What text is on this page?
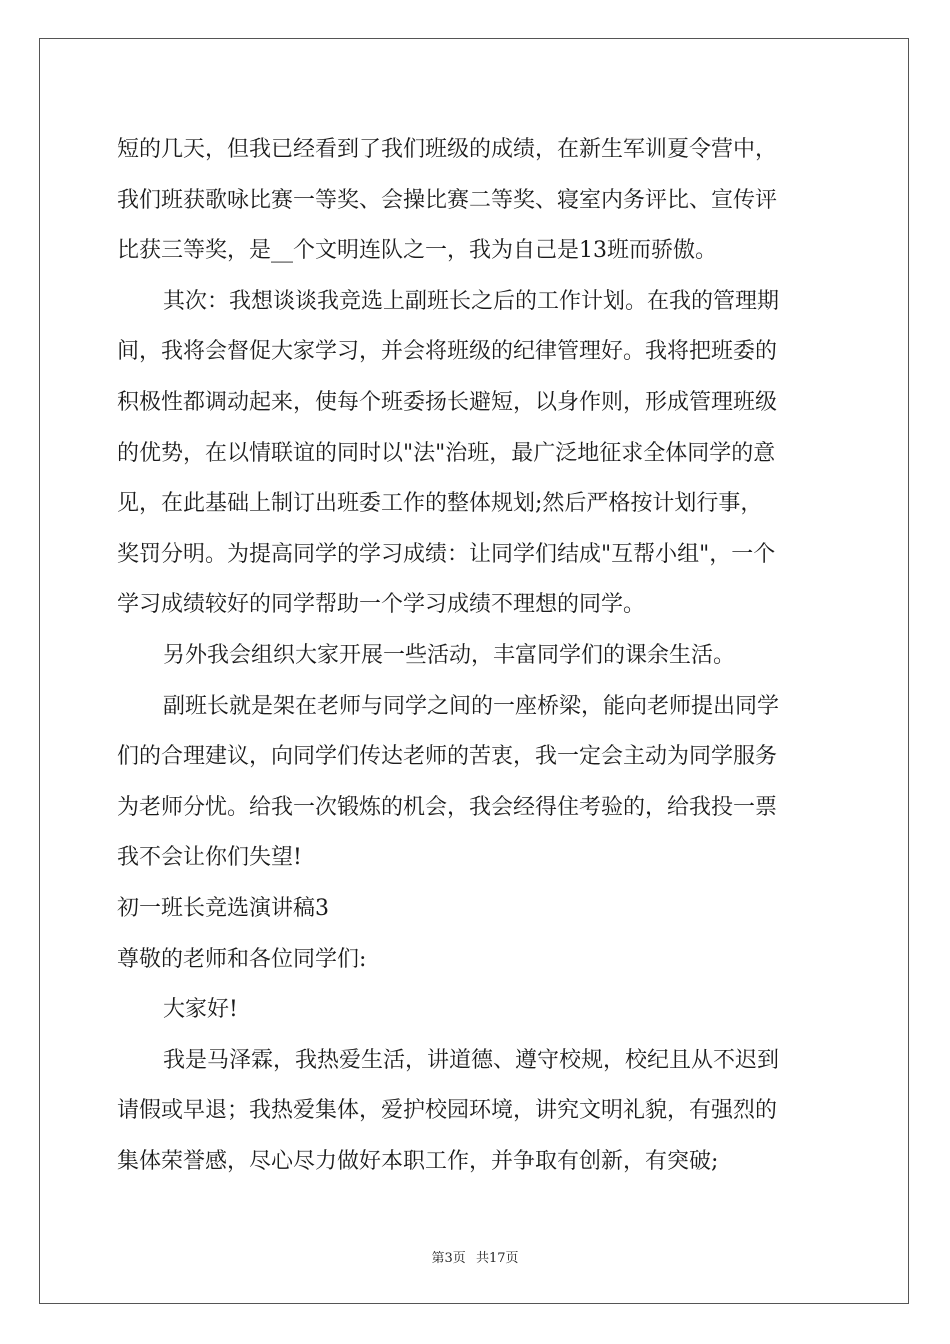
短的几天，但我已经看到了我们班级的成绩，在新生军训夏令营中，
我们班获歌咏比赛一等奖、会操比赛二等奖、寝室内务评比、宣传评
比获三等奖，是__个文明连队之一，我为自己是13班而骄傲。
其次：我想谈谈我竞选上副班长之后的工作计划。在我的管理期
间，我将会督促大家学习，并会将班级的纪律管理好。我将把班委的
积极性都调动起来，使每个班委扬长避短，以身作则，形成管理班级
的优势，在以情联谊的同时以"法"治班，最广泛地征求全体同学的意
见，在此基础上制订出班委工作的整体规划;然后严格按计划行事，
奖罚分明。为提高同学的学习成绩：让同学们结成"互帮小组"，一个
学习成绩较好的同学帮助一个学习成绩不理想的同学。
另外我会组织大家开展一些活动，丰富同学们的课余生活。
副班长就是架在老师与同学之间的一座桥梁，能向老师提出同学
们的合理建议，向同学们传达老师的苦衷，我一定会主动为同学服务
为老师分忧。给我一次锻炼的机会，我会经得住考验的，给我投一票
我不会让你们失望!
初一班长竞选演讲稿3
尊敬的老师和各位同学们:
大家好!
我是马泽霖，我热爱生活，讲道德、遵守校规，校纪且从不迟到
请假或早退；我热爱集体，爱护校园环境，讲究文明礼貌，有强烈的
集体荣誉感，尽心尽力做好本职工作，并争取有创新，有突破;
第3页 共17页
